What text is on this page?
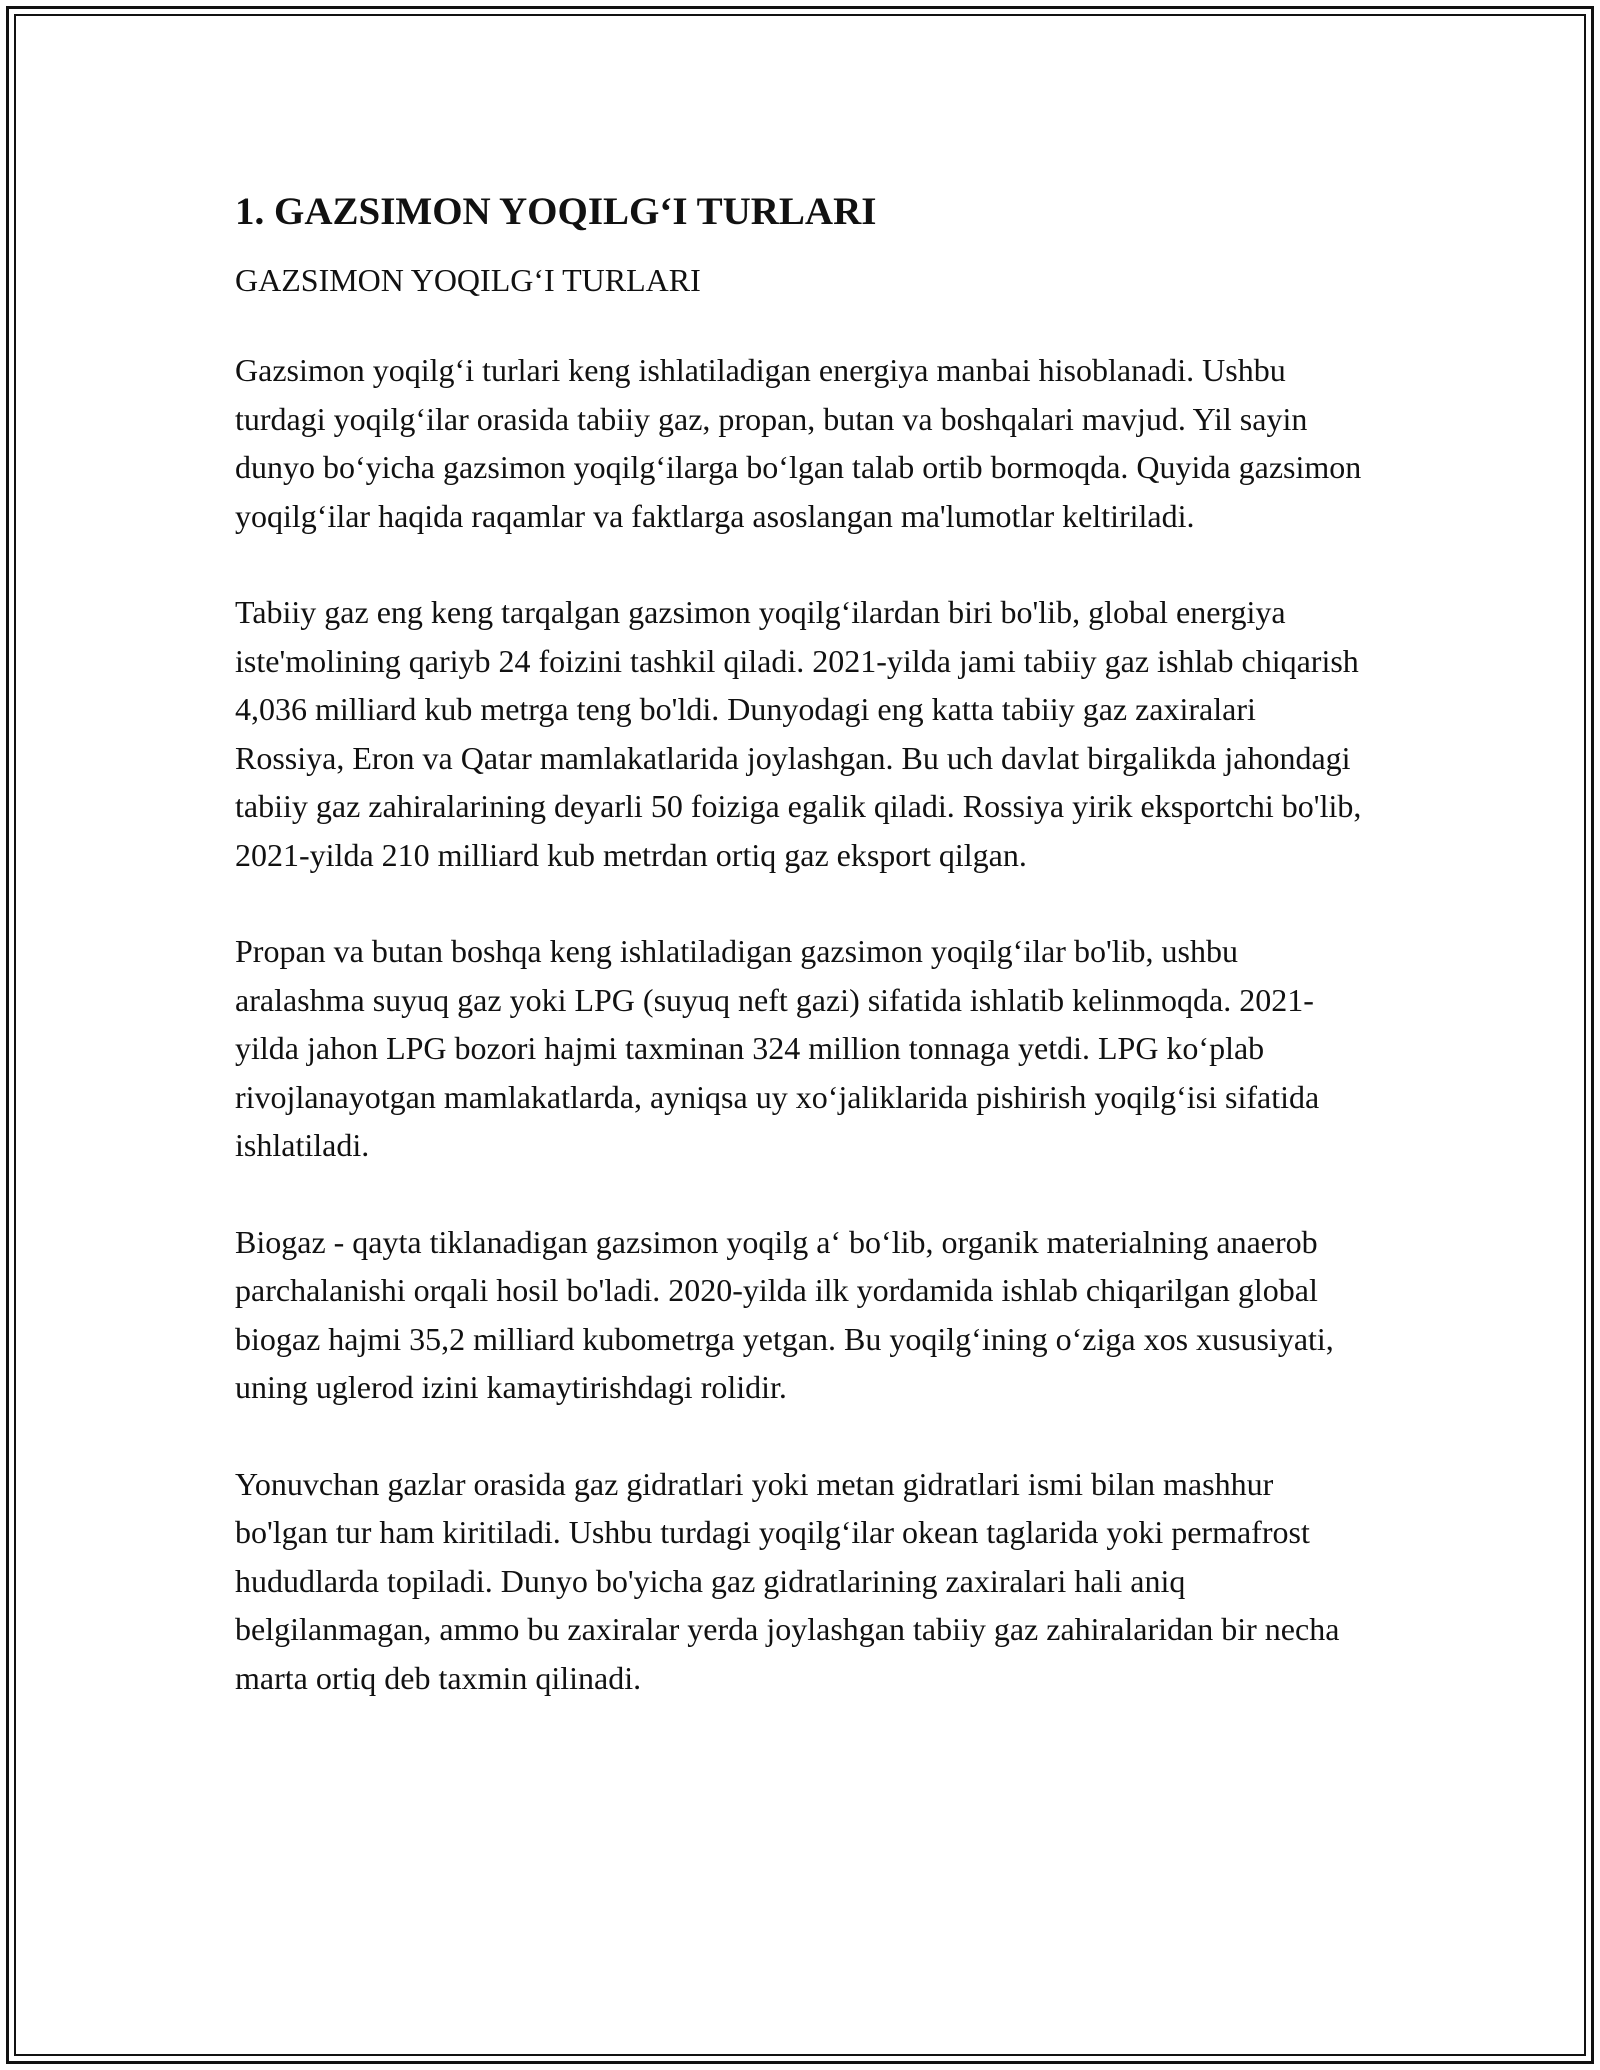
1. GAZSIMON YOQILG‘I TURLARI
GAZSIMON YOQILG‘I TURLARI

Gazsimon yoqilg‘i turlari keng ishlatiladigan energiya manbai hisoblanadi. Ushbu turdagi yoqilg‘ilar orasida tabiiy gaz, propan, butan va boshqalari mavjud. Yil sayin dunyo bo‘yicha gazsimon yoqilg‘ilarga bo‘lgan talab ortib bormoqda. Quyida gazsimon yoqilg‘ilar haqida raqamlar va faktlarga asoslangan ma'lumotlar keltiriladi.

Tabiiy gaz eng keng tarqalgan gazsimon yoqilg‘ilardan biri bo'lib, global energiya iste'molining qariyb 24 foizini tashkil qiladi. 2021-yilda jami tabiiy gaz ishlab chiqarish 4,036 milliard kub metrga teng bo'ldi. Dunyodagi eng katta tabiiy gaz zaxiralari Rossiya, Eron va Qatar mamlakatlarida joylashgan. Bu uch davlat birgalikda jahondagi tabiiy gaz zahiralarining deyarli 50 foiziga egalik qiladi. Rossiya yirik eksportchi bo'lib, 2021-yilda 210 milliard kub metrdan ortiq gaz eksport qilgan.

Propan va butan boshqa keng ishlatiladigan gazsimon yoqilg‘ilar bo'lib, ushbu aralashma suyuq gaz yoki LPG (suyuq neft gazi) sifatida ishlatib kelinmoqda. 2021-yilda jahon LPG bozori hajmi taxminan 324 million tonnaga yetdi. LPG ko‘plab rivojlanayotgan mamlakatlarda, ayniqsa uy xo‘jaliklarida pishirish yoqilg‘isi sifatida ishlatiladi.

Biogaz - qayta tiklanadigan gazsimon yoqilg a‘ bo‘lib, organik materialning anaerob parchalanishi orqali hosil bo'ladi. 2020-yilda ilk yordamida ishlab chiqarilgan global biogaz hajmi 35,2 milliard kubometrga yetgan. Bu yoqilg‘ining o‘ziga xos xususiyati, uning uglerod izini kamaytirishdagi rolidir.

Yonuvchan gazlar orasida gaz gidratlari yoki metan gidratlari ismi bilan mashhur bo'lgan tur ham kiritiladi. Ushbu turdagi yoqilg‘ilar okean taglarida yoki permafrost hududlarda topiladi. Dunyo bo'yicha gaz gidratlarining zaxiralari hali aniq belgilanmagan, ammo bu zaxiralar yerda joylashgan tabiiy gaz zahiralaridan bir necha marta ortiq deb taxmin qilinadi.
